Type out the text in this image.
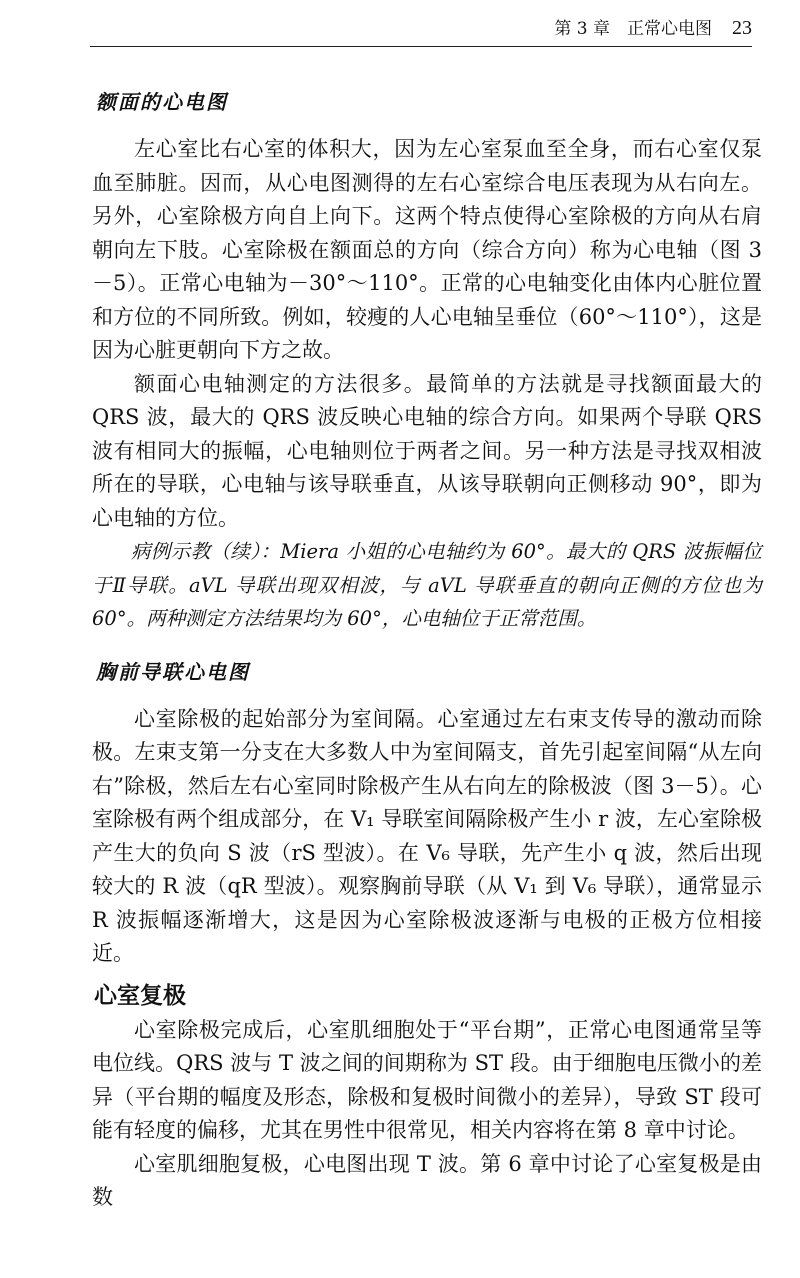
第 3 章　正常心电图 23
额面的心电图

左心室比右心室的体积大，因为左心室泵血至全身，而右心室仅泵血至肺脏。因而，从心电图测得的左右心室综合电压表现为从右向左。另外，心室除极方向自上向下。这两个特点使得心室除极的方向从右肩朝向左下肢。心室除极在额面总的方向（综合方向）称为心电轴（图 3－5）。正常心电轴为－30°～110°。正常的心电轴变化由体内心脏位置和方位的不同所致。例如，较瘦的人心电轴呈垂位（60°～110°），这是因为心脏更朝向下方之故。

额面心电轴测定的方法很多。最简单的方法就是寻找额面最大的 QRS 波，最大的 QRS 波反映心电轴的综合方向。如果两个导联 QRS 波有相同大的振幅，心电轴则位于两者之间。另一种方法是寻找双相波所在的导联，心电轴与该导联垂直，从该导联朝向正侧移动 90°，即为心电轴的方位。

病例示教（续）：Miera 小姐的心电轴约为 60°。最大的 QRS 波振幅位于Ⅱ导联。aVL 导联出现双相波，与 aVL 导联垂直的朝向正侧的方位也为 60°。两种测定方法结果均为 60°，心电轴位于正常范围。

胸前导联心电图

心室除极的起始部分为室间隔。心室通过左右束支传导的激动而除极。左束支第一分支在大多数人中为室间隔支，首先引起室间隔“从左向右”除极，然后左右心室同时除极产生从右向左的除极波（图 3－5）。心室除极有两个组成部分，在 V₁ 导联室间隔除极产生小 r 波，左心室除极产生大的负向 S 波（rS 型波）。在 V₆ 导联，先产生小 q 波，然后出现较大的 R 波（qR 型波）。观察胸前导联（从 V₁ 到 V₆ 导联），通常显示 R 波振幅逐渐增大，这是因为心室除极波逐渐与电极的正极方位相接近。

心室复极

心室除极完成后，心室肌细胞处于“平台期”，正常心电图通常呈等电位线。QRS 波与 T 波之间的间期称为 ST 段。由于细胞电压微小的差异（平台期的幅度及形态，除极和复极时间微小的差异），导致 ST 段可能有轻度的偏移，尤其在男性中很常见，相关内容将在第 8 章中讨论。

心室肌细胞复极，心电图出现 T 波。第 6 章中讨论了心室复极是由数
